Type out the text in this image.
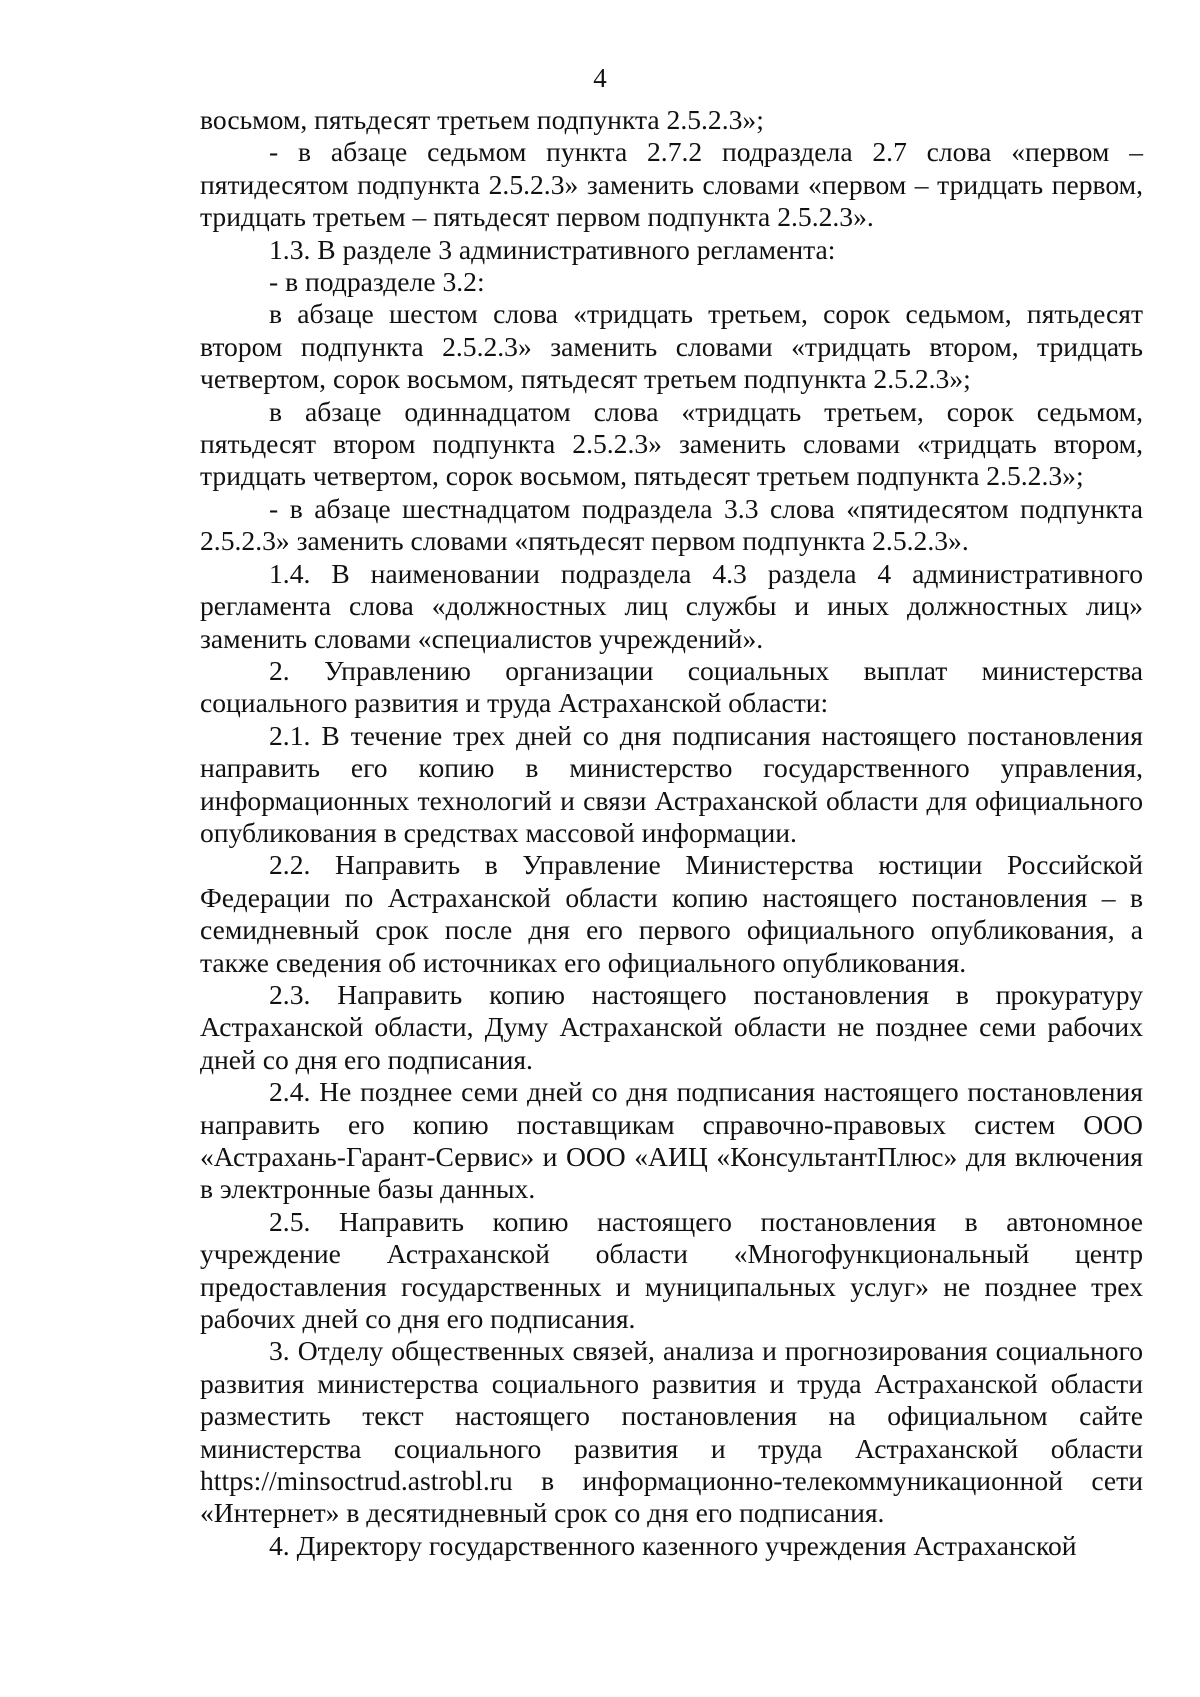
4

восьмом, пятьдесят третьем подпункта 2.5.2.3»;

- в абзаце седьмом пункта 2.7.2 подраздела 2.7 слова «первом – пятидесятом подпункта 2.5.2.3» заменить словами «первом – тридцать первом, тридцать третьем – пятьдесят первом подпункта 2.5.2.3».

1.3. В разделе 3 административного регламента:

- в подразделе 3.2:

в абзаце шестом слова «тридцать третьем, сорок седьмом, пятьдесят втором подпункта 2.5.2.3» заменить словами «тридцать втором, тридцать четвертом, сорок восьмом, пятьдесят третьем подпункта 2.5.2.3»;

в абзаце одиннадцатом слова «тридцать третьем, сорок седьмом, пятьдесят втором подпункта 2.5.2.3» заменить словами «тридцать втором, тридцать четвертом, сорок восьмом, пятьдесят третьем подпункта 2.5.2.3»;

- в абзаце шестнадцатом подраздела 3.3 слова «пятидесятом подпункта 2.5.2.3» заменить словами «пятьдесят первом подпункта 2.5.2.3».

1.4. В наименовании подраздела 4.3 раздела 4 административного регламента слова «должностных лиц службы и иных должностных лиц» заменить словами «специалистов учреждений».

2. Управлению организации социальных выплат министерства социального развития и труда Астраханской области:

2.1. В течение трех дней со дня подписания настоящего постановления направить его копию в министерство государственного управления, информационных технологий и связи Астраханской области для официального опубликования в средствах массовой информации.

2.2. Направить в Управление Министерства юстиции Российской Федерации по Астраханской области копию настоящего постановления – в семидневный срок после дня его первого официального опубликования, а также сведения об источниках его официального опубликования.

2.3. Направить копию настоящего постановления в прокуратуру Астраханской области, Думу Астраханской области не позднее семи рабочих дней со дня его подписания.

2.4. Не позднее семи дней со дня подписания настоящего постановления направить его копию поставщикам справочно-правовых систем ООО «Астрахань-Гарант-Сервис» и ООО «АИЦ «КонсультантПлюс» для включения в электронные базы данных.

2.5. Направить копию настоящего постановления в автономное учреждение Астраханской области «Многофункциональный центр предоставления государственных и муниципальных услуг» не позднее трех рабочих дней со дня его подписания.

3. Отделу общественных связей, анализа и прогнозирования социального развития министерства социального развития и труда Астраханской области разместить текст настоящего постановления на официальном сайте министерства социального развития и труда Астраханской области https://minsoctrud.astrobl.ru в информационно-телекоммуникационной сети «Интернет» в десятидневный срок со дня его подписания.

4. Директору государственного казенного учреждения Астраханской
